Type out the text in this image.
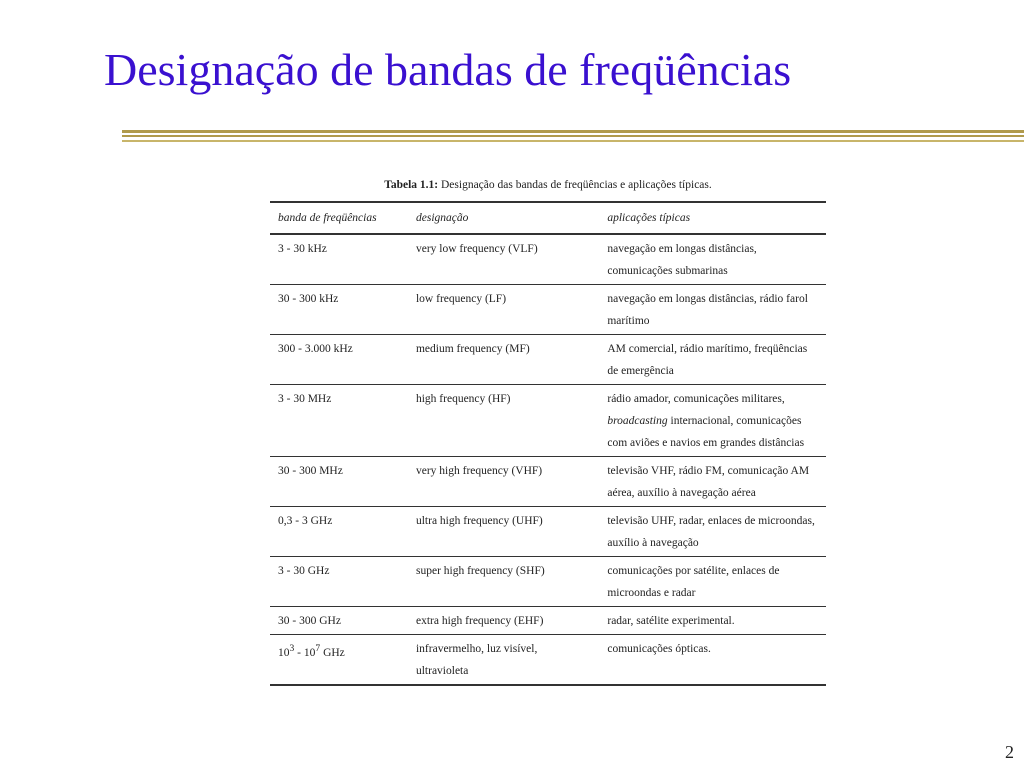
Designação de bandas de freqüências
Tabela 1.1: Designação das bandas de freqüências e aplicações típicas.
banda de freqüências	designação	aplicações típicas
3 - 30 kHz	very low frequency (VLF)	navegação em longas distâncias, comunicações submarinas
30 - 300 kHz	low frequency (LF)	navegação em longas distâncias, rádio farol marítimo
300 - 3.000 kHz	medium frequency (MF)	AM comercial, rádio marítimo, freqüências de emergência
3 - 30 MHz	high frequency (HF)	rádio amador, comunicações militares, broadcasting internacional, comunicações com aviões e navios em grandes distâncias
30 - 300 MHz	very high frequency (VHF)	televisão VHF, rádio FM, comunicação AM aérea, auxílio à navegação aérea
0,3 - 3 GHz	ultra high frequency (UHF)	televisão UHF, radar, enlaces de microondas, auxílio à navegação
3 - 30 GHz	super high frequency (SHF)	comunicações por satélite, enlaces de microondas e radar
30 - 300 GHz	extra high frequency (EHF)	radar, satélite experimental.
$10^3 - 10^7$ GHz	infravermelho, luz visível, ultravioleta	comunicações ópticas.
2
